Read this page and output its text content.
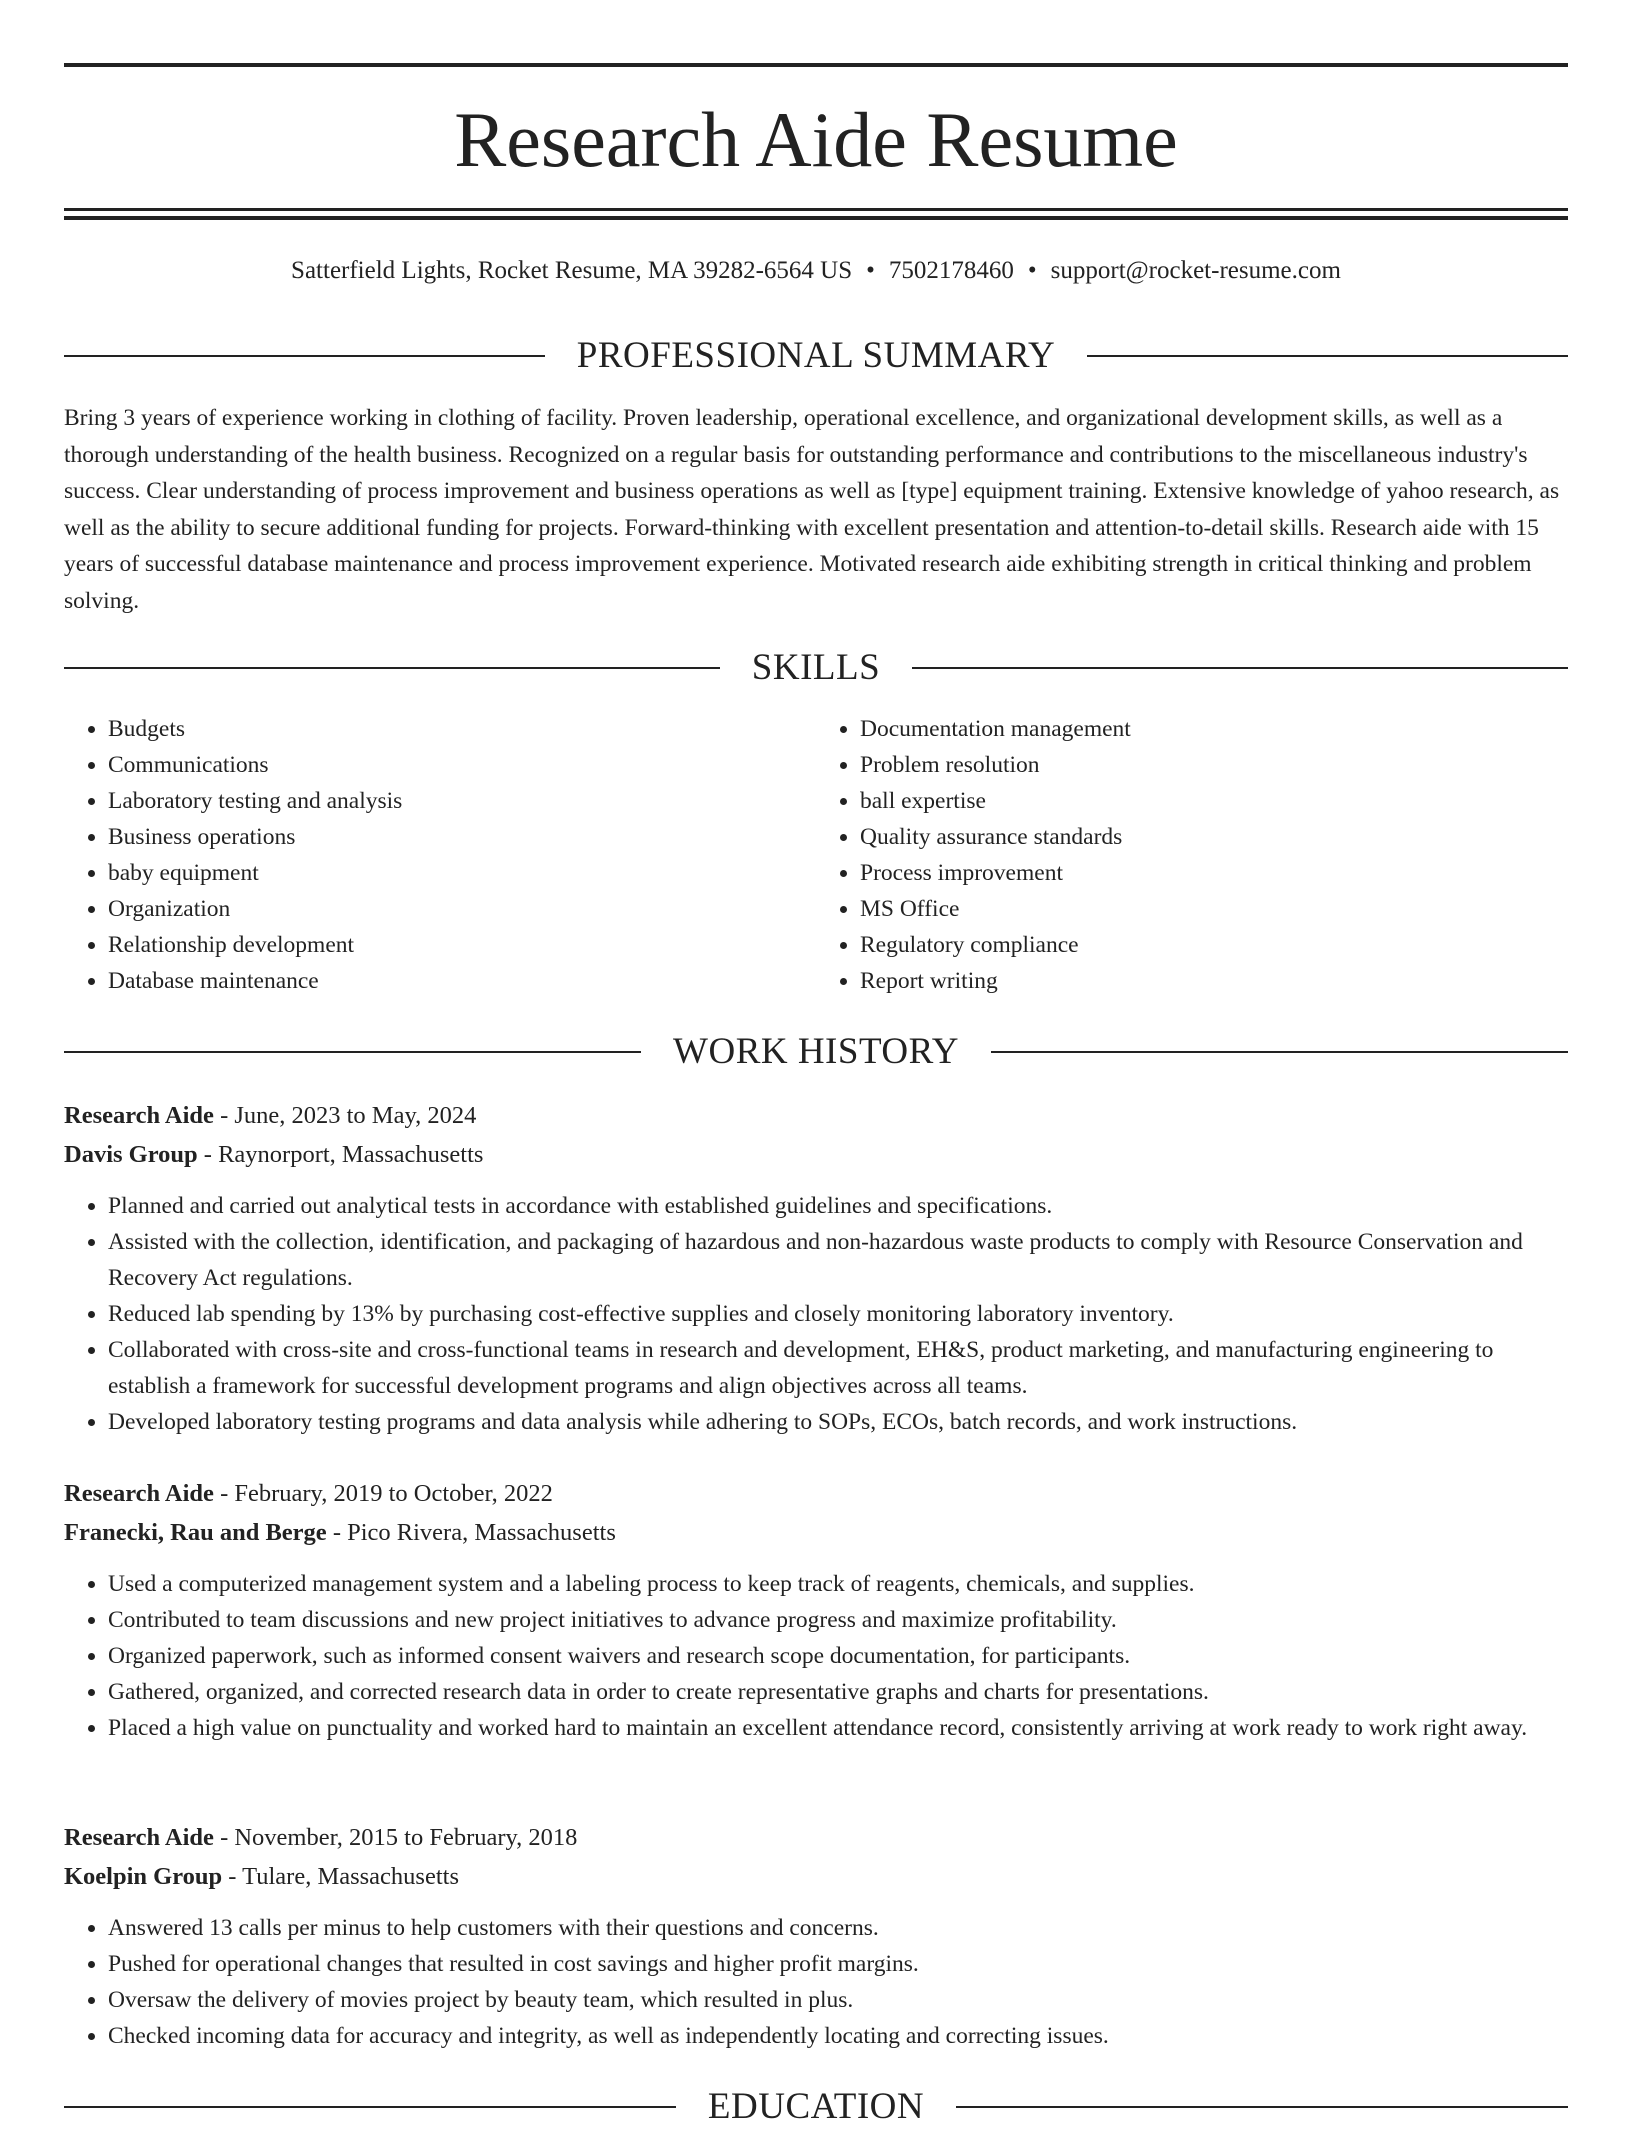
Research Aide Resume
Satterfield Lights, Rocket Resume, MA 39282-6564 US • 7502178460 • support@rocket-resume.com
PROFESSIONAL SUMMARY

Bring 3 years of experience working in clothing of facility. Proven leadership, operational excellence, and organizational development skills, as well as a thorough understanding of the health business. Recognized on a regular basis for outstanding performance and contributions to the miscellaneous industry's success. Clear understanding of process improvement and business operations as well as [type] equipment training. Extensive knowledge of yahoo research, as well as the ability to secure additional funding for projects. Forward-thinking with excellent presentation and attention-to-detail skills. Research aide with 15 years of successful database maintenance and process improvement experience. Motivated research aide exhibiting strength in critical thinking and problem solving.

SKILLS
• Budgets
• Communications
• Laboratory testing and analysis
• Business operations
• baby equipment
• Organization
• Relationship development
• Database maintenance
• Documentation management
• Problem resolution
• ball expertise
• Quality assurance standards
• Process improvement
• MS Office
• Regulatory compliance
• Report writing
WORK HISTORY
Research Aide - June, 2023 to May, 2024
Davis Group - Raynorport, Massachusetts
• Planned and carried out analytical tests in accordance with established guidelines and specifications.
• Assisted with the collection, identification, and packaging of hazardous and non-hazardous waste products to comply with Resource Conservation and Recovery Act regulations.
• Reduced lab spending by 13% by purchasing cost-effective supplies and closely monitoring laboratory inventory.
• Collaborated with cross-site and cross-functional teams in research and development, EH&S, product marketing, and manufacturing engineering to establish a framework for successful development programs and align objectives across all teams.
• Developed laboratory testing programs and data analysis while adhering to SOPs, ECOs, batch records, and work instructions.
Research Aide - February, 2019 to October, 2022
Franecki, Rau and Berge - Pico Rivera, Massachusetts
• Used a computerized management system and a labeling process to keep track of reagents, chemicals, and supplies.
• Contributed to team discussions and new project initiatives to advance progress and maximize profitability.
• Organized paperwork, such as informed consent waivers and research scope documentation, for participants.
• Gathered, organized, and corrected research data in order to create representative graphs and charts for presentations.
• Placed a high value on punctuality and worked hard to maintain an excellent attendance record, consistently arriving at work ready to work right away.
Research Aide - November, 2015 to February, 2018
Koelpin Group - Tulare, Massachusetts
• Answered 13 calls per minus to help customers with their questions and concerns.
• Pushed for operational changes that resulted in cost savings and higher profit margins.
• Oversaw the delivery of movies project by beauty team, which resulted in plus.
• Checked incoming data for accuracy and integrity, as well as independently locating and correcting issues.
EDUCATION
